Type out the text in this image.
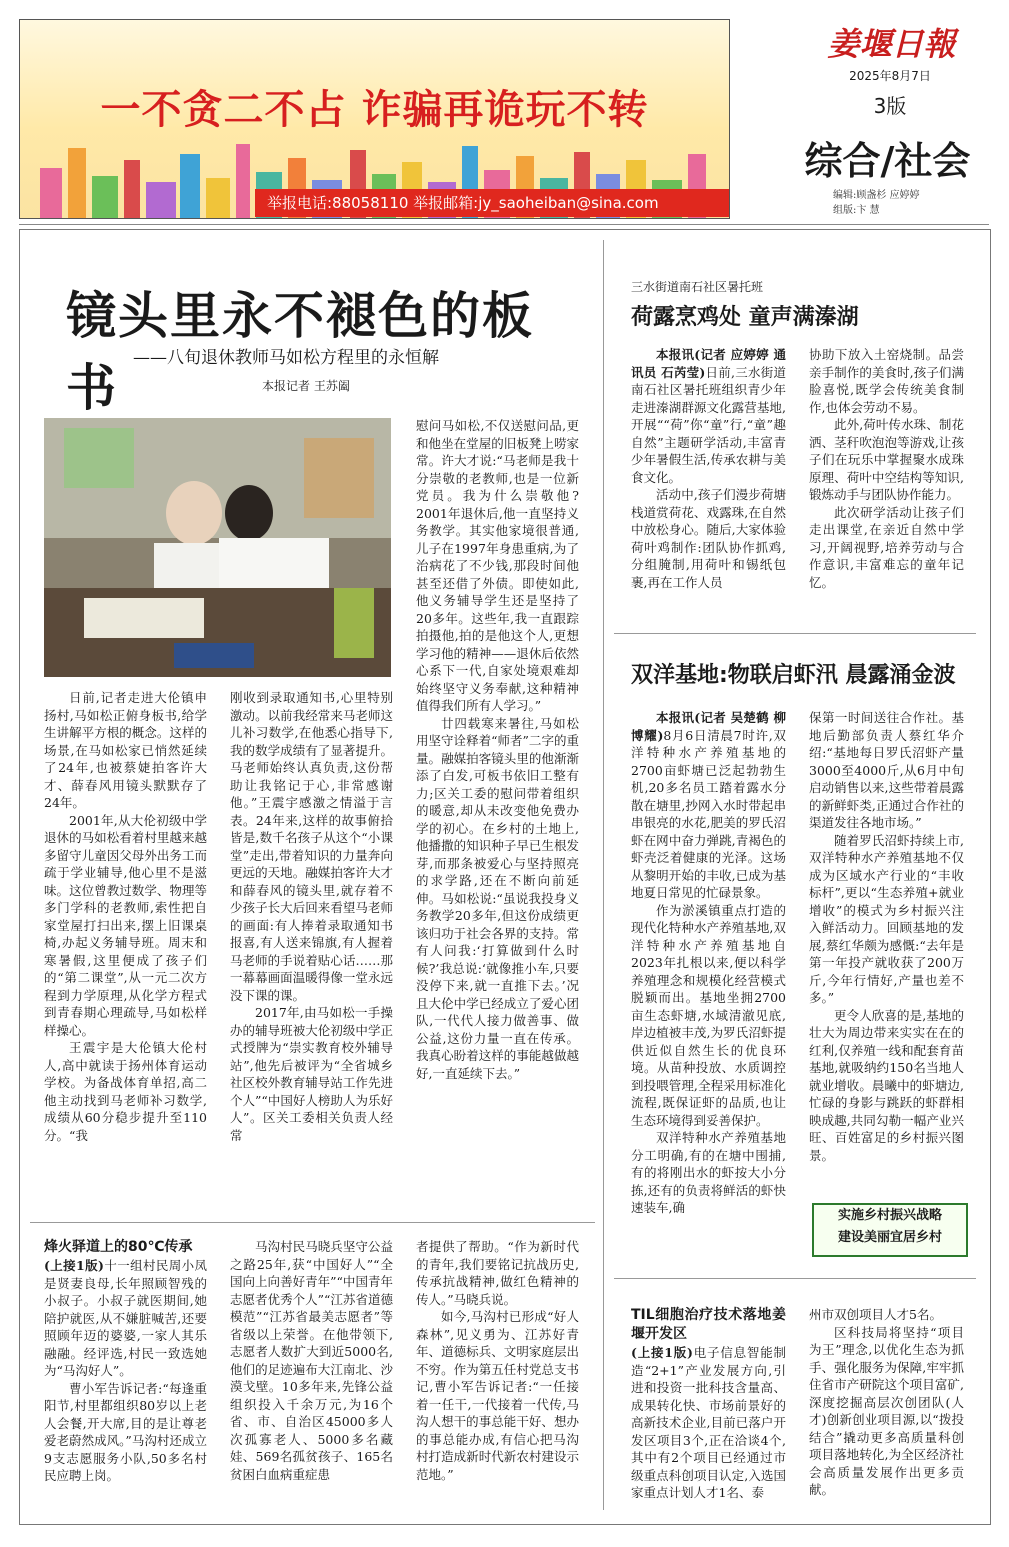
一不贪二不占 诈骗再诡玩不转
举报电话:88058110 举报邮箱:jy_saoheiban@sina.com
姜堰日報
2025年8月7日
3版
综合/社会
编辑:顾盏杉 应婷婷
组版:卞 慧
镜头里永不褪色的板书 ——八旬退休教师马如松方程里的永恒解
本报记者 王苏阖

日前,记者走进大伦镇申扬村,马如松正俯身板书,给学生讲解平方根的概念。这样的场景,在马如松家已悄然延续了24年,也被蔡婕拍客许大才、薛春风用镜头默默存了24年。

2001年,从大伦初级中学退休的马如松看着村里越来越多留守儿童因父母外出务工而疏于学业辅导,他心里不是滋味。这位曾教过数学、物理等多门学科的老教师,索性把自家堂屋打扫出来,摆上旧课桌椅,办起义务辅导班。周末和寒暑假,这里便成了孩子们的“第二课堂”,从一元二次方程到力学原理,从化学方程式到青春期心理疏导,马如松样样操心。

王震宇是大伦镇大伦村人,高中就读于扬州体育运动学校。为备战体育单招,高二他主动找到马老师补习数学,成绩从60分稳步提升至110分。“我

刚收到录取通知书,心里特别激动。以前我经常来马老师这儿补习数学,在他悉心指导下,我的数学成绩有了显著提升。马老师始终认真负责,这份帮助让我铭记于心,非常感谢他。”王震宇感激之情溢于言表。24年来,这样的故事俯拾皆是,数千名孩子从这个“小课堂”走出,带着知识的力量奔向更远的天地。融媒拍客许大才和薛春风的镜头里,就存着不少孩子长大后回来看望马老师的画面:有人捧着录取通知书报喜,有人送来锦旗,有人握着马老师的手说着贴心话……那一幕幕画面温暖得像一堂永远没下课的课。

2017年,由马如松一手操办的辅导班被大伦初级中学正式授牌为“崇实教育校外辅导站”,他先后被评为“全省城乡社区校外教育辅导站工作先进个人”“中国好人榜助人为乐好人”。区关工委相关负责人经常

慰问马如松,不仅送慰问品,更和他坐在堂屋的旧板凳上唠家常。许大才说:“马老师是我十分崇敬的老教师,也是一位新党员。我为什么崇敬他?2001年退休后,他一直坚持义务教学。其实他家境很普通,儿子在1997年身患重病,为了治病花了不少钱,那段时间他甚至还借了外债。即使如此,他义务辅导学生还是坚持了20多年。这些年,我一直跟踪拍摄他,拍的是他这个人,更想学习他的精神——退休后依然心系下一代,自家处境艰难却始终坚守义务奉献,这种精神值得我们所有人学习。”

廿四载寒来暑往,马如松用坚守诠释着“师者”二字的重量。融媒拍客镜头里的他渐渐添了白发,可板书依旧工整有力;区关工委的慰问带着组织的暖意,却从未改变他免费办学的初心。在乡村的土地上,他播撒的知识种子早已生根发芽,而那条被爱心与坚持照亮的求学路,还在不断向前延伸。马如松说:“虽说我投身义务教学20多年,但这份成绩更该归功于社会各界的支持。常有人问我:‘打算做到什么时候?’我总说:‘就像推小车,只要没停下来,就一直推下去。’况且大伦中学已经成立了爱心团队,一代代人接力做善事、做公益,这份力量一直在传承。我真心盼着这样的事能越做越好,一直延续下去。”

烽火驿道上的80℃传承

(上接1版)十一组村民周小凤是贤妻良母,长年照顾智残的小叔子。小叔子就医期间,她陪护就医,从不嫌脏喊苦,还要照顾年迈的婆婆,一家人其乐融融。经评选,村民一致选她为“马沟好人”。

曹小军告诉记者:“每逢重阳节,村里都组织80岁以上老人会餐,开大席,目的是让尊老爱老蔚然成风。”马沟村还成立9支志愿服务小队,50多名村民应聘上岗。

马沟村民马晓兵坚守公益之路25年,获“中国好人”“全国向上向善好青年”“中国青年志愿者优秀个人”“江苏省道德模范”“江苏省最美志愿者”等省级以上荣誉。在他带领下,志愿者人数扩大到近5000名,他们的足迹遍布大江南北、沙漠戈壁。10多年来,先锋公益组织投入千余万元,为16个省、市、自治区45000多人次孤寡老人、5000多名藏娃、569名孤贫孩子、165名贫困白血病重症患

者提供了帮助。“作为新时代的青年,我们要铭记抗战历史,传承抗战精神,做红色精神的传人。”马晓兵说。

如今,马沟村已形成“好人森林”,见义勇为、江苏好青年、道德标兵、文明家庭层出不穷。作为第五任村党总支书记,曹小军告诉记者:“一任接着一任干,一代接着一代传,马沟人想干的事总能干好、想办的事总能办成,有信心把马沟村打造成新时代新农村建设示范地。”

三水街道南石社区暑托班
荷露烹鸡处 童声满溱湖

本报讯(记者 应婷婷 通讯员 石芮莹)日前,三水街道南石社区暑托班组织青少年走进溱湖群源文化露营基地,开展““荷”你“童”行,“童”趣自然”主题研学活动,丰富青少年暑假生活,传承农耕与美食文化。

活动中,孩子们漫步荷塘栈道赏荷花、戏露珠,在自然中放松身心。随后,大家体验荷叶鸡制作:团队协作抓鸡,分组腌制,用荷叶和锡纸包裹,再在工作人员

协助下放入土窑烧制。品尝亲手制作的美食时,孩子们满脸喜悦,既学会传统美食制作,也体会劳动不易。

此外,荷叶传水珠、制花洒、茎秆吹泡泡等游戏,让孩子们在玩乐中掌握聚水成珠原理、荷叶中空结构等知识,锻炼动手与团队协作能力。

此次研学活动让孩子们走出课堂,在亲近自然中学习,开阔视野,培养劳动与合作意识,丰富难忘的童年记忆。

双洋基地:物联启虾汛 晨露涌金波

本报讯(记者 吴楚鹤 柳博耀)8月6日清晨7时许,双洋特种水产养殖基地的2700亩虾塘已泛起勃勃生机,20多名员工踏着露水分散在塘里,抄网入水时带起串串银亮的水花,肥美的罗氏沼虾在网中奋力弹跳,青褐色的虾壳泛着健康的光泽。这场从黎明开始的丰收,已成为基地夏日常见的忙碌景象。

作为淤溪镇重点打造的现代化特种水产养殖基地,双洋特种水产养殖基地自2023年扎根以来,便以科学养殖理念和规模化经营模式脱颖而出。基地坐拥2700亩生态虾塘,水域清澈见底,岸边植被丰茂,为罗氏沼虾提供近似自然生长的优良环境。从苗种投放、水质调控到投喂管理,全程采用标准化流程,既保证虾的品质,也让生态环境得到妥善保护。

双洋特种水产养殖基地分工明确,有的在塘中围捕,有的将刚出水的虾按大小分拣,还有的负责将鲜活的虾快速装车,确

保第一时间送往合作社。基地后勤部负责人蔡红华介绍:“基地每日罗氏沼虾产量3000至4000斤,从6月中旬启动销售以来,这些带着晨露的新鲜虾类,正通过合作社的渠道发往各地市场。”

随着罗氏沼虾持续上市,双洋特种水产养殖基地不仅成为区域水产行业的“丰收标杆”,更以“生态养殖+就业增收”的模式为乡村振兴注入鲜活动力。回顾基地的发展,蔡红华颇为感慨:“去年是第一年投产就收获了200万斤,今年行情好,产量也差不多。”

更令人欣喜的是,基地的壮大为周边带来实实在在的红利,仅养殖一线和配套育苗基地,就吸纳约150名当地人就业增收。晨曦中的虾塘边,忙碌的身影与跳跃的虾群相映成趣,共同勾勒一幅产业兴旺、百姓富足的乡村振兴图景。

实施乡村振兴战略
建设美丽宜居乡村
TIL细胞治疗技术落地姜堰开发区

(上接1版)电子信息智能制造“2+1”产业发展方向,引进和投资一批科技含量高、成果转化快、市场前景好的高新技术企业,目前已落户开发区项目3个,正在洽谈4个,其中有2个项目已经通过市级重点科创项目认定,入选国家重点计划人才1名、泰

州市双创项目人才5名。

区科技局将坚持“项目为王”理念,以优化生态为抓手、强化服务为保障,牢牢抓住省市产研院这个项目富矿,深度挖掘高层次创团队(人才)创新创业项目源,以“拨投结合”撬动更多高质量科创项目落地转化,为全区经济社会高质量发展作出更多贡献。
